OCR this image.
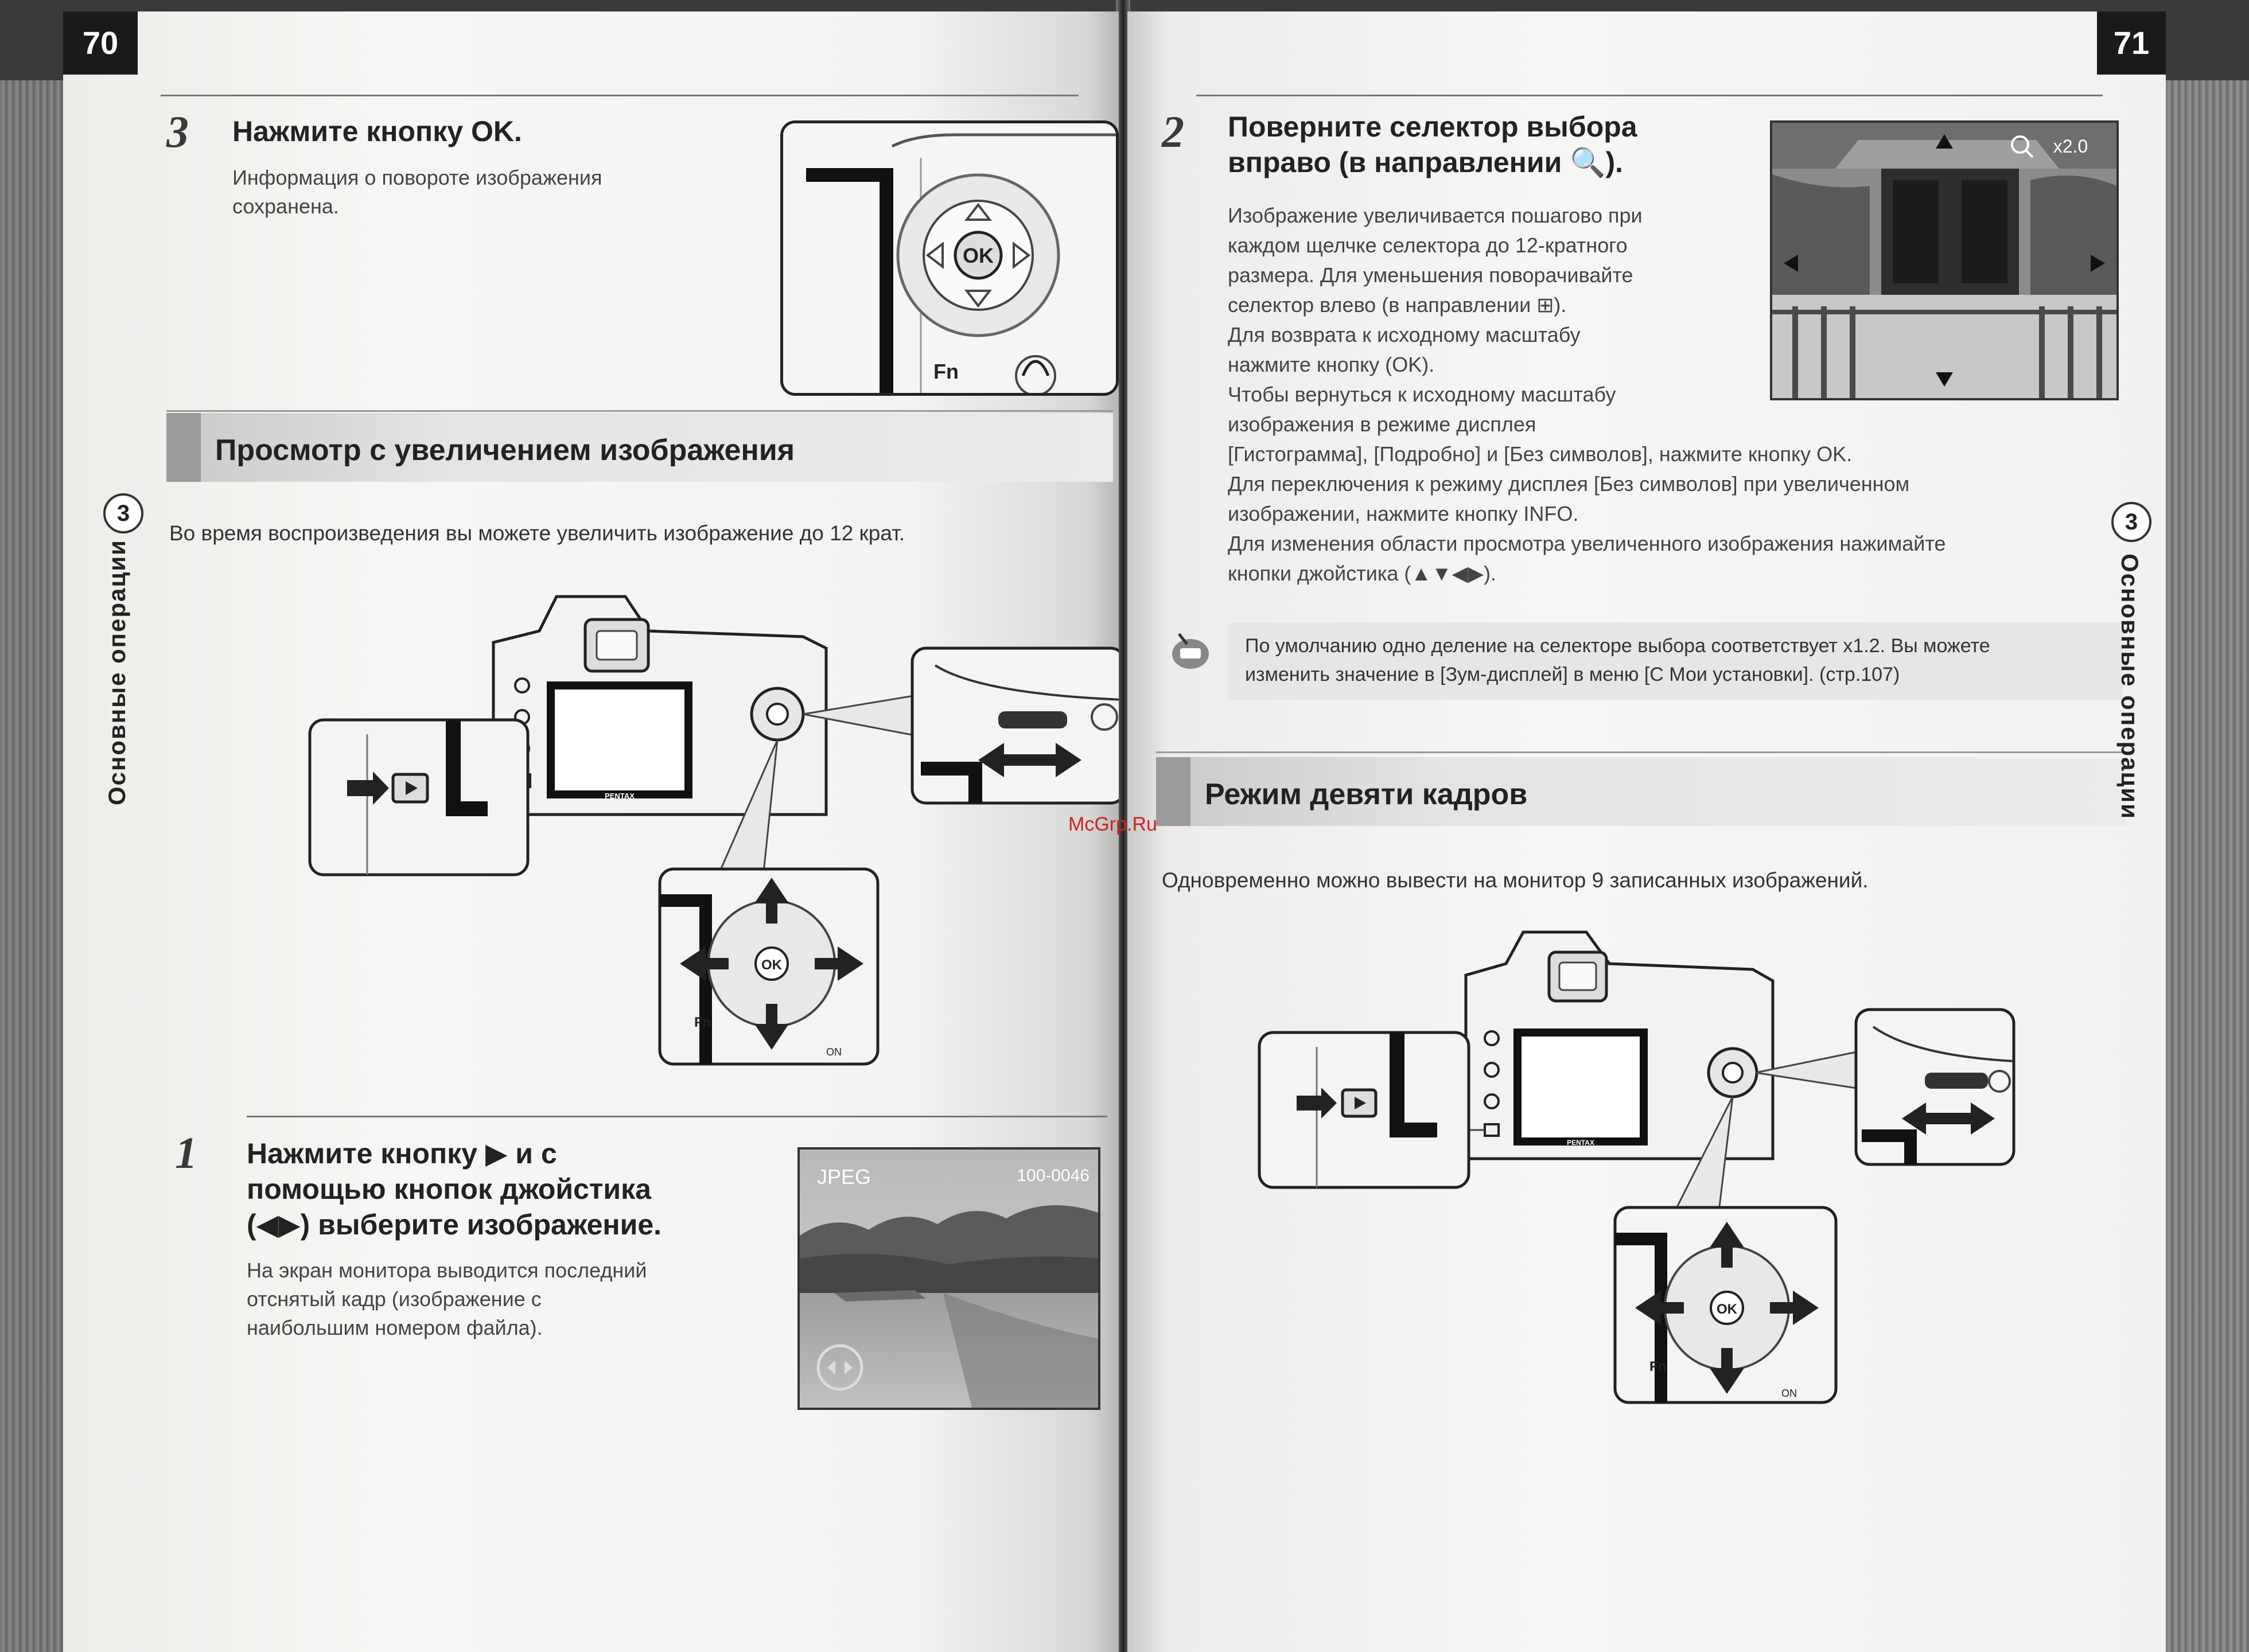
70
3 Нажмите кнопку OK.
Информация о повороте изображения
сохранена.
OK
Fn
Просмотр с увеличением изображения
Во время воспроизведения вы можете увеличить изображение до 12 крат.
3
Основные операции	PENTAX
OK
Fn
ON
1 Нажмите кнопку ▶ и с
помощью кнопок джойстика
(◀▶) выберите изображение.
На экран монитора выводится последний
отснятый кадр (изображение с
наибольшим номером файла).
JPEG	100-0046
71
2 Поверните селектор выбора
вправо (в направлении 🔍).
Изображение увеличивается пошагово при
каждом щелчке селектора до 12-кратного
размера. Для уменьшения поворачивайте
селектор влево (в направлении ⊞).
Для возврата к исходному масштабу
нажмите кнопку (OK).
Чтобы вернуться к исходному масштабу
изображения в режиме дисплея
[Гистограмма], [Подробно] и [Без символов], нажмите кнопку OK.
Для переключения к режиму дисплея [Без символов] при увеличенном
изображении, нажмите кнопку INFO.
Для изменения области просмотра увеличенного изображения нажимайте
кнопки джойстика (▲▼◀▶).
x2.0
По умолчанию одно деление на селекторе выбора соответствует x1.2. Вы можете
изменить значение в [Зум-дисплей] в меню [C Мои установки]. (стр.107)
Режим девяти кадров
Одновременно можно вывести на монитор 9 записанных изображений.
3
Основные операции
PENTAX
OK
Fn
ON
McGrp.Ru
